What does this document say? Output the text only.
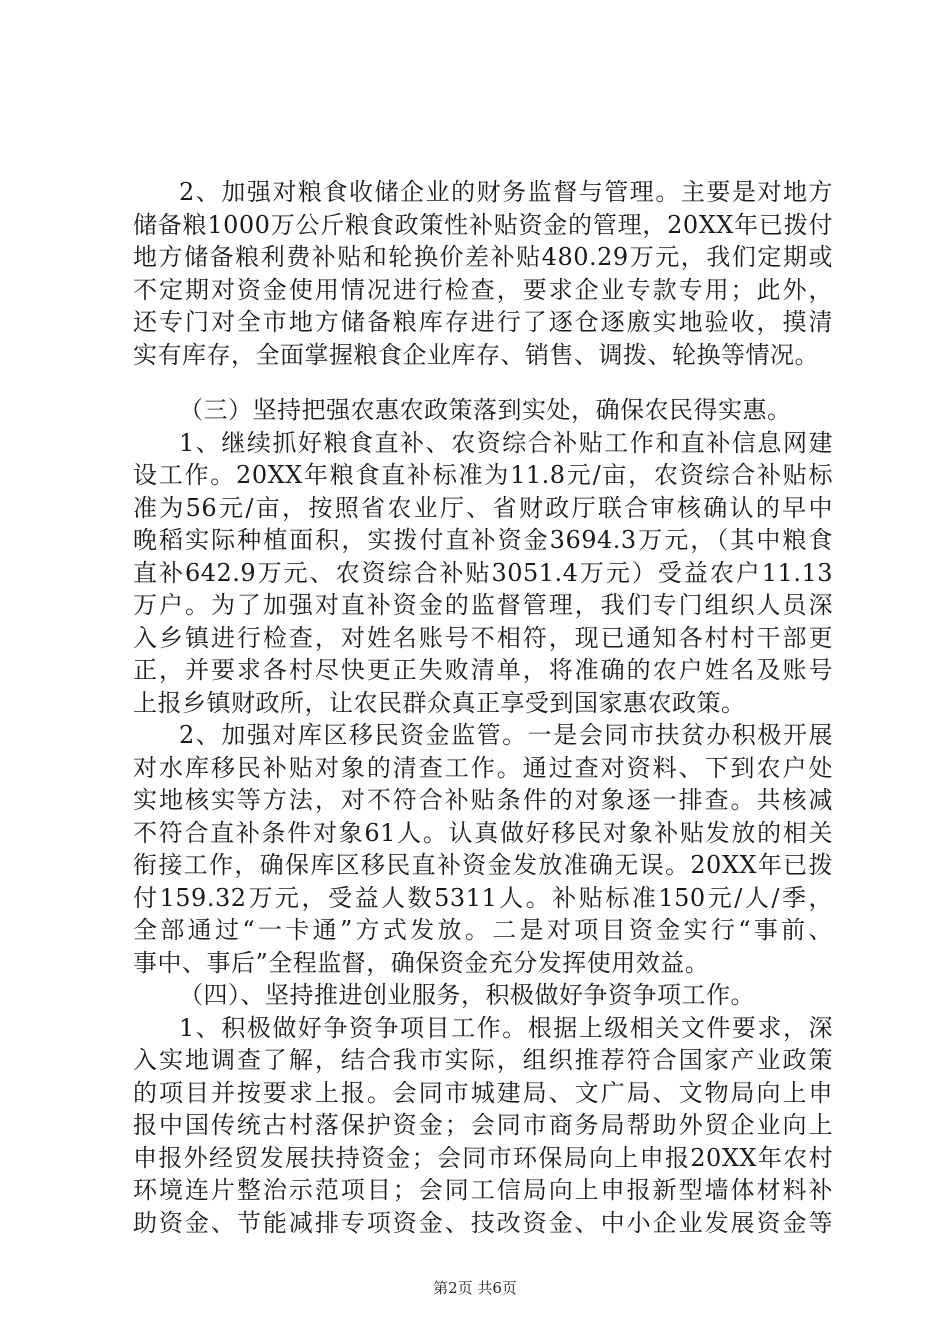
2、加强对粮食收储企业的财务监督与管理。主要是对地方
储备粮1000万公斤粮食政策性补贴资金的管理，20XX年已拨付
地方储备粮利费补贴和轮换价差补贴480.29万元，我们定期或
不定期对资金使用情况进行检查，要求企业专款专用；此外，
还专门对全市地方储备粮库存进行了逐仓逐廒实地验收，摸清
实有库存，全面掌握粮食企业库存、销售、调拨、轮换等情况。
（三）坚持把强农惠农政策落到实处，确保农民得实惠。
1、继续抓好粮食直补、农资综合补贴工作和直补信息网建
设工作。20XX年粮食直补标准为11.8元/亩，农资综合补贴标
准为56元/亩，按照省农业厅、省财政厅联合审核确认的早中
晚稻实际种植面积，实拨付直补资金3694.3万元，（其中粮食
直补642.9万元、农资综合补贴3051.4万元）受益农户11.13
万户。为了加强对直补资金的监督管理，我们专门组织人员深
入乡镇进行检查，对姓名账号不相符，现已通知各村村干部更
正，并要求各村尽快更正失败清单，将准确的农户姓名及账号
上报乡镇财政所，让农民群众真正享受到国家惠农政策。
2、加强对库区移民资金监管。一是会同市扶贫办积极开展
对水库移民补贴对象的清查工作。通过查对资料、下到农户处
实地核实等方法，对不符合补贴条件的对象逐一排查。共核减
不符合直补条件对象61人。认真做好移民对象补贴发放的相关
衔接工作，确保库区移民直补资金发放准确无误。20XX年已拨
付159.32万元，受益人数5311人。补贴标准150元/人/季，
全部通过“一卡通”方式发放。二是对项目资金实行“事前、
事中、事后”全程监督，确保资金充分发挥使用效益。
（四）、坚持推进创业服务，积极做好争资争项工作。
1、积极做好争资争项目工作。根据上级相关文件要求，深
入实地调查了解，结合我市实际，组织推荐符合国家产业政策
的项目并按要求上报。会同市城建局、文广局、文物局向上申
报中国传统古村落保护资金；会同市商务局帮助外贸企业向上
申报外经贸发展扶持资金；会同市环保局向上申报20XX年农村
环境连片整治示范项目；会同工信局向上申报新型墙体材料补
助资金、节能减排专项资金、技改资金、中小企业发展资金等
第2页 共6页
